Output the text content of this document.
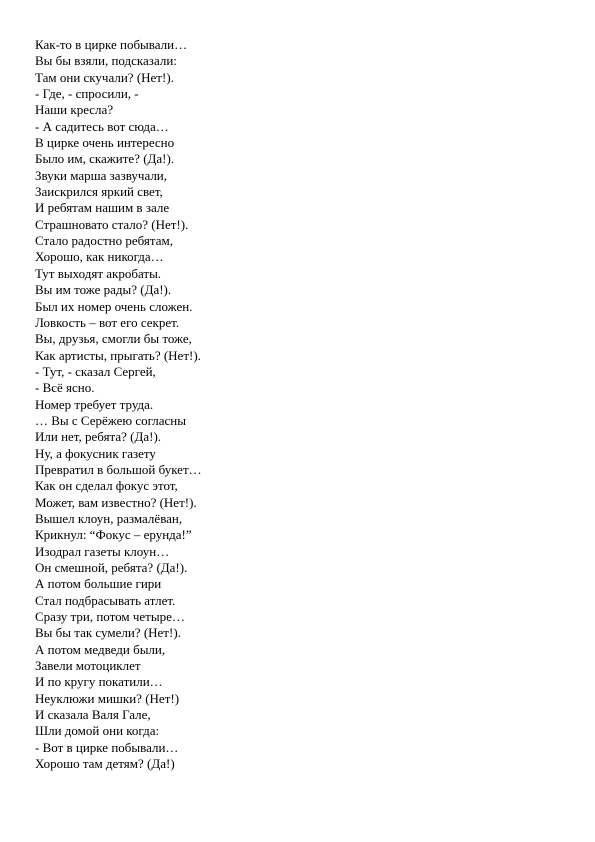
Как-то в цирке побывали…
Вы бы взяли, подсказали:
Там они скучали? (Нет!).
- Где, - спросили, -
Наши кресла?
- А садитесь вот сюда…
В цирке очень интересно
Было им, скажите? (Да!).
Звуки марша зазвучали,
Заискрился яркий свет,
И ребятам нашим в зале
Страшновато стало? (Нет!).
Стало радостно ребятам,
Хорошо, как никогда…
Тут выходят акробаты.
Вы им тоже рады? (Да!).
Был их номер очень сложен.
Ловкость – вот его секрет.
Вы, друзья, смогли бы тоже,
Как артисты, прыгать? (Нет!).
- Тут, - сказал Сергей,
- Всё ясно.
Номер требует труда.
… Вы с Серёжею согласны
Или нет, ребята? (Да!).
Ну, а фокусник газету
Превратил в большой букет…
Как он сделал фокус этот,
Может, вам известно? (Нет!).
Вышел клоун, размалёван,
Крикнул: “Фокус – ерунда!”
Изодрал газеты клоун…
Он смешной, ребята? (Да!).
А потом большие гири
Стал подбрасывать атлет.
Сразу три, потом четыре…
Вы бы так сумели? (Нет!).
А потом медведи были,
Завели мотоциклет
И по кругу покатили…
Неуклюжи мишки? (Нет!)
И сказала Валя Гале,
Шли домой они когда:
- Вот в цирке побывали…
Хорошо там детям? (Да!)
